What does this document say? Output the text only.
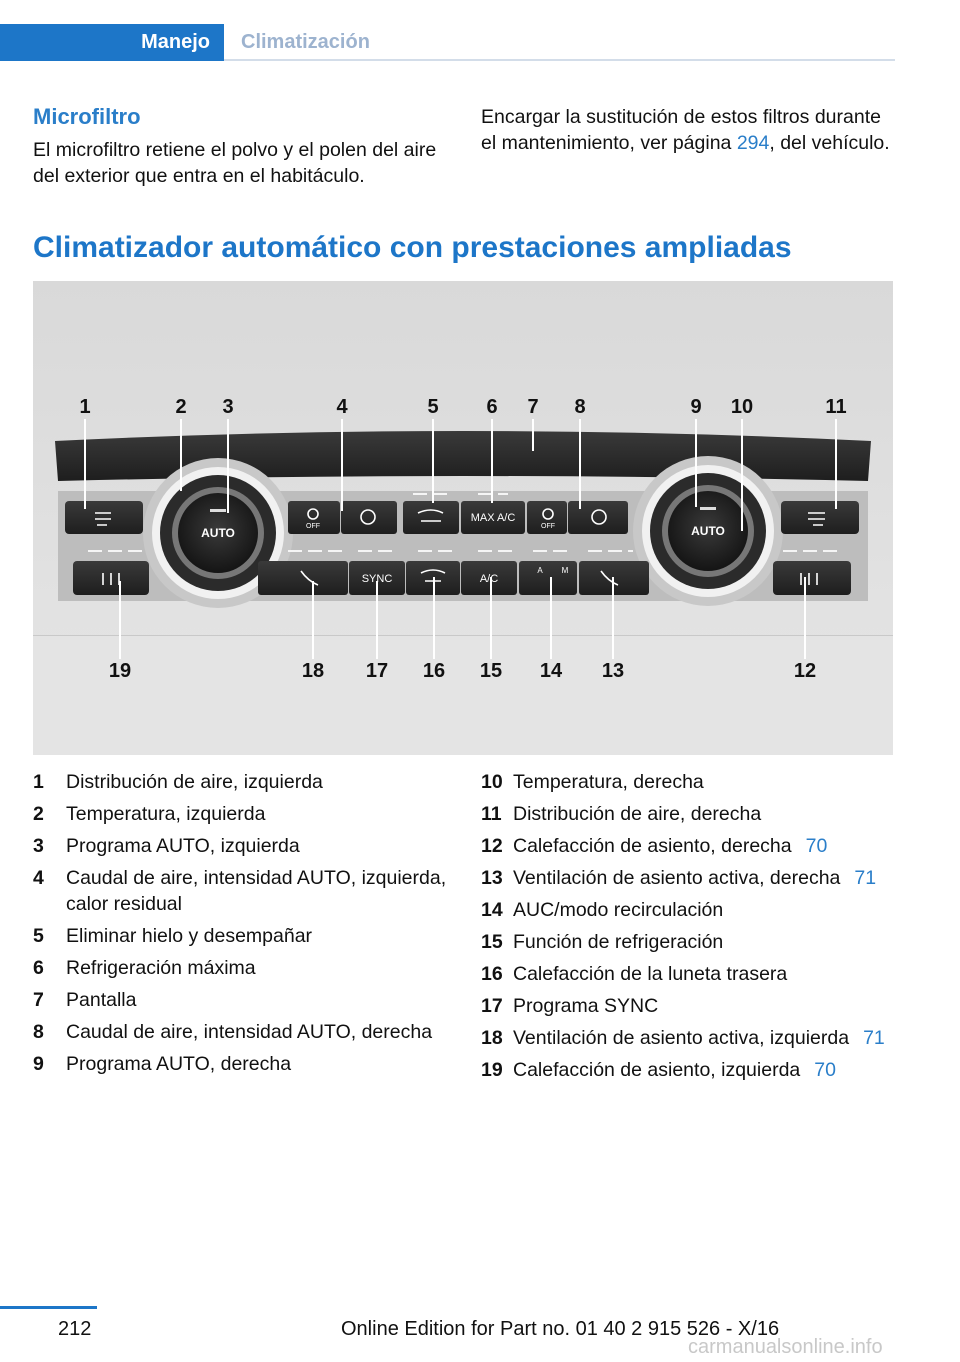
Manejo	Climatización
Microfiltro
El microfiltro retiene el polvo y el polen del aire del exterior que entra en el habitáculo.
Encargar la sustitución de estos filtros durante el mantenimiento, ver página 294, del vehículo.
Climatizador automático con prestaciones ampliadas
AUTO	AUTO
MAX A/C
OFF	OFF
SYNC	A/C
A M
1	2 3	4	5 6 7 8	9 10	11
19	18 17 16 15 14 13	12
1	Distribución de aire, izquierda
2	Temperatura, izquierda
3	Programa AUTO, izquierda
4	Caudal de aire, intensidad AUTO, izquierda, calor residual
5	Eliminar hielo y desempañar
6	Refrigeración máxima
7	Pantalla
8	Caudal de aire, intensidad AUTO, derecha
9	Programa AUTO, derecha
10 Temperatura, derecha
11 Distribución de aire, derecha
12 Calefacción de asiento, derecha 70
13 Ventilación de asiento activa, derecha 71
14 AUC/modo recirculación
15 Función de refrigeración
16 Calefacción de la luneta trasera
17 Programa SYNC
18 Ventilación de asiento activa, izquierda 71
19 Calefacción de asiento, izquierda 70
212	Online Edition for Part no. 01 40 2 915 526 - X/16
carmanualsonline.info
